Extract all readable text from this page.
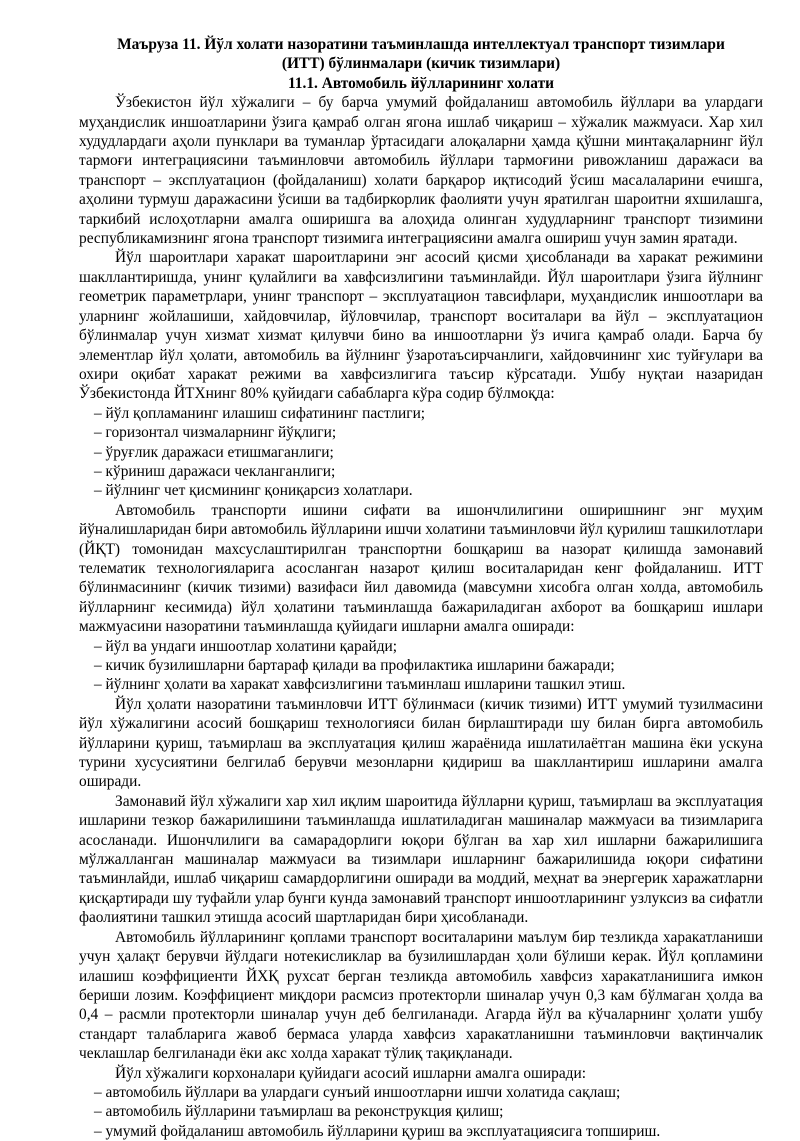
Маъруза 11. Йўл холати назоратини таъминлашда интеллектуал транспорт тизимлари

(ИТТ) бўлинмалари (кичик тизимлари)

11.1. Автомобиль йўлларининг холати

Ўзбекистон йўл хўжалиги – бу барча умумий фойдаланиш автомобиль йўллари ва улардаги муҳандислик иншоатларини ўзига қамраб олган ягона ишлаб чиқариш – хўжалик мажмуаси. Хар хил худудлардаги аҳоли пунклари ва туманлар ўртасидаги алоқаларни ҳамда қўшни минтақаларнинг йўл тармоғи интеграциясини таъминловчи автомобиль йўллари тармоғини ривожланиш даражаси ва транспорт – эксплуатацион (фойдаланиш) холати барқарор иқтисодий ўсиш масалаларини ечишга, аҳолини турмуш даражасини ўсиши ва тадбиркорлик фаолияти учун яратилган шароитни яхшилашга, таркибий ислоҳотларни амалга оширишга ва алоҳида олинган худудларнинг транспорт тизимини республикамизнинг ягона транспорт тизимига интеграциясини амалга ошириш учун замин яратади.

Йўл шароитлари харакат шароитларини энг асосий қисми ҳисобланади ва харакат режимини шакллантиришда, унинг қулайлиги ва хавфсизлигини таъминлайди. Йўл шароитлари ўзига йўлнинг геометрик параметрлари, унинг транспорт – эксплуатацион тавсифлари, муҳандислик иншоотлари ва уларнинг жойлашиши, хайдовчилар, йўловчилар, транспорт воситалари ва йўл – эксплуатацион бўлинмалар учун хизмат хизмат қилувчи бино ва иншоотларни ўз ичига қамраб олади. Барча бу элементлар йўл ҳолати, автомобиль ва йўлнинг ўзаротаъсирчанлиги, хайдовчининг хис туйғулари ва охири оқибат харакат режими ва хавфсизлигига таъсир кўрсатади. Ушбу нуқтаи назаридан Ўзбекистонда ЙТХнинг 80% қуйидаги сабабларга кўра содир бўлмоқда:

– йўл қопламанинг илашиш сифатининг пастлиги;

– горизонтал чизмаларнинг йўқлиги;

– ўруғлик даражаси етишмаганлиги;

– кўриниш даражаси чекланганлиги;

– йўлнинг чет қисмининг қониқарсиз холатлари.

Автомобиль транспорти ишини сифати ва ишончлилигини оширишнинг энг муҳим йўналишларидан бири автомобиль йўлларини ишчи холатини таъминловчи йўл қурилиш ташкилотлари (ЙҚТ) томонидан махсуслаштирилган транспортни бошқариш ва назорат қилишда замонавий телематик технологияларига асосланган назарот қилиш воситаларидан кенг фойдаланиш. ИТТ бўлинмасининг (кичик тизими) вазифаси йил давомида (мавсумни хисобга олган холда, автомобиль йўлларнинг кесимида) йўл ҳолатини таъминлашда бажариладиган ахборот ва бошқариш ишлари мажмуасини назоратини таъминлашда қуйидаги ишларни амалга оширади:

– йўл ва ундаги иншоотлар холатини қарайди;

– кичик бузилишларни бартараф қилади ва профилактика ишларини бажаради;

– йўлнинг ҳолати ва харакат хавфсизлигини таъминлаш ишларини ташкил этиш.

Йўл ҳолати назоратини таъминловчи ИТТ бўлинмаси (кичик тизими) ИТТ умумий тузилмасини йўл хўжалигини асосий бошқариш технологияси билан бирлаштиради шу билан бирга автомобиль йўлларини қуриш, таъмирлаш ва эксплуатация қилиш жараёнида ишлатилаётган машина ёки ускуна турини хусусиятини белгилаб берувчи мезонларни қидириш ва шакллантириш ишларини амалга оширади.

Замонавий йўл хўжалиги хар хил иқлим шароитида йўлларни қуриш, таъмирлаш ва эксплуатация ишларини тезкор бажарилишини таъминлашда ишлатиладиган машиналар мажмуаси ва тизимларига асосланади. Ишончлилиги ва самарадорлиги юқори бўлган ва хар хил ишларни бажарилишига мўлжалланган машиналар мажмуаси ва тизимлари ишларнинг бажарилишида юқори сифатини таъминлайди, ишлаб чиқариш самардорлигини оширади ва моддий, меҳнат ва энергерик харажатларни қисқартиради шу туфайли улар бунги кунда замонавий транспорт иншоотларининг узлуксиз ва сифатли фаолиятини ташкил этишда асосий шартларидан бири ҳисобланади.

Автомобиль йўлларининг қоплами транспорт воситаларини маълум бир тезликда харакатланиши учун ҳалақт берувчи йўлдаги нотекисликлар ва бузилишлардан ҳоли бўлиши керак. Йўл қопламини илашиш коэффициенти ЙХҚ рухсат берган тезликда автомобиль хавфсиз харакатланишига имкон бериши лозим. Коэффициент миқдори расмсиз протекторли шиналар учун 0,3 кам бўлмаган ҳолда ва 0,4 – расмли протекторли шиналар учун деб белгиланади. Агарда йўл ва кўчаларнинг ҳолати ушбу стандарт талабларига жавоб бермаса уларда хавфсиз харакатланишни таъминловчи вақтинчалик чеклашлар белгиланади ёки акс холда харакат тўлиқ тақиқланади.

Йўл хўжалиги корхоналари қуйидаги асосий ишларни амалга оширади:

– автомобиль йўллари ва улардаги сунъий иншоотларни ишчи холатида сақлаш;

– автомобиль йўлларини таъмирлаш ва реконструкция қилиш;

– умумий фойдаланиш автомобиль йўлларини қуриш ва эксплуатациясига топшириш.
